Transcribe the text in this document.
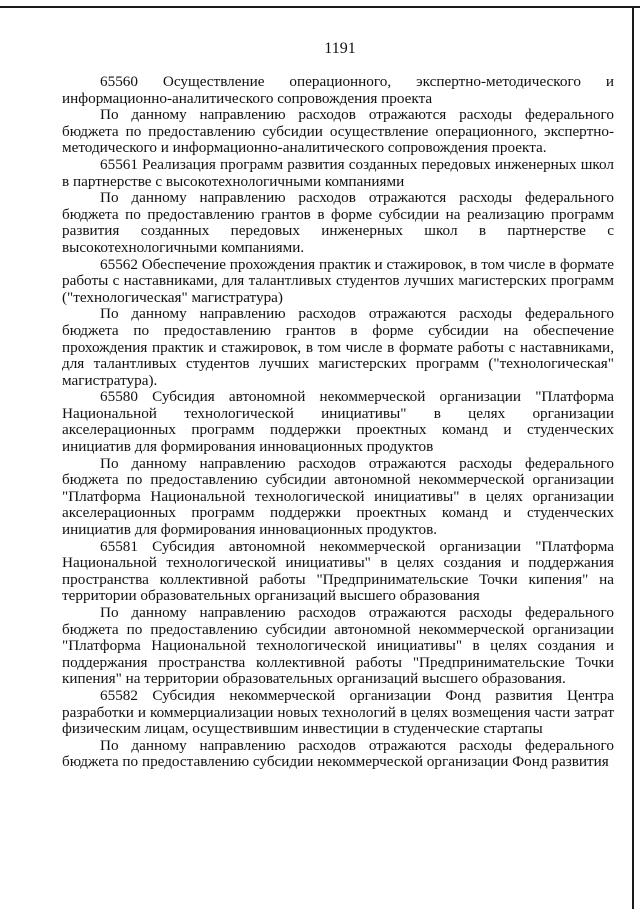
1191

65560 Осуществление операционного, экспертно-методического и информационно-аналитического сопровождения проекта

По данному направлению расходов отражаются расходы федерального бюджета по предоставлению субсидии осуществление операционного, экспертно-методического и информационно-аналитического сопровождения проекта.

65561 Реализация программ развития созданных передовых инженерных школ в партнерстве с высокотехнологичными компаниями

По данному направлению расходов отражаются расходы федерального бюджета по предоставлению грантов в форме субсидии на реализацию программ развития созданных передовых инженерных школ в партнерстве с высокотехнологичными компаниями.

65562 Обеспечение прохождения практик и стажировок, в том числе в формате работы с наставниками, для талантливых студентов лучших магистерских программ ("технологическая" магистратура)

По данному направлению расходов отражаются расходы федерального бюджета по предоставлению грантов в форме субсидии на обеспечение прохождения практик и стажировок, в том числе в формате работы с наставниками, для талантливых студентов лучших магистерских программ ("технологическая" магистратура).

65580 Субсидия автономной некоммерческой организации "Платформа Национальной технологической инициативы" в целях организации акселерационных программ поддержки проектных команд и студенческих инициатив для формирования инновационных продуктов

По данному направлению расходов отражаются расходы федерального бюджета по предоставлению субсидии автономной некоммерческой организации "Платформа Национальной технологической инициативы" в целях организации акселерационных программ поддержки проектных команд и студенческих инициатив для формирования инновационных продуктов.

65581 Субсидия автономной некоммерческой организации "Платформа Национальной технологической инициативы" в целях создания и поддержания пространства коллективной работы "Предпринимательские Точки кипения" на территории образовательных организаций высшего образования

По данному направлению расходов отражаются расходы федерального бюджета по предоставлению субсидии автономной некоммерческой организации "Платформа Национальной технологической инициативы" в целях создания и поддержания пространства коллективной работы "Предпринимательские Точки кипения" на территории образовательных организаций высшего образования.

65582 Субсидия некоммерческой организации Фонд развития Центра разработки и коммерциализации новых технологий в целях возмещения части затрат физическим лицам, осуществившим инвестиции в студенческие стартапы

По данному направлению расходов отражаются расходы федерального бюджета по предоставлению субсидии некоммерческой организации Фонд развития
